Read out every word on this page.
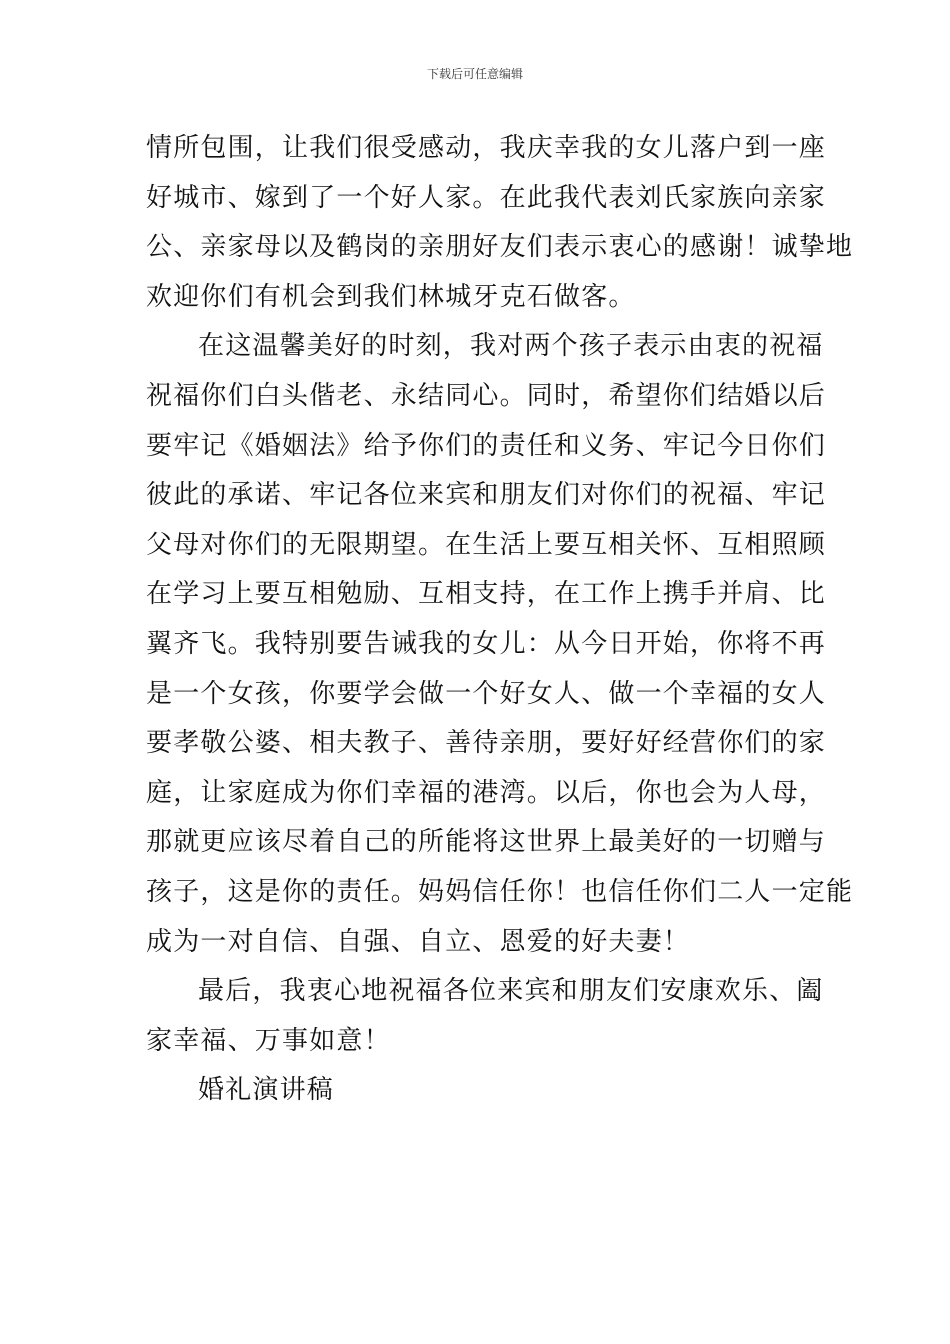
下载后可任意编辑
情所包围，让我们很受感动，我庆幸我的女儿落户到一座
好城市、嫁到了一个好人家。在此我代表刘氏家族向亲家
公、亲家母以及鹤岗的亲朋好友们表示衷心的感谢！诚挚地
欢迎你们有机会到我们林城牙克石做客。
在这温馨美好的时刻，我对两个孩子表示由衷的祝福
祝福你们白头偕老、永结同心。同时，希望你们结婚以后
要牢记《婚姻法》给予你们的责任和义务、牢记今日你们
彼此的承诺、牢记各位来宾和朋友们对你们的祝福、牢记
父母对你们的无限期望。在生活上要互相关怀、互相照顾
在学习上要互相勉励、互相支持，在工作上携手并肩、比
翼齐飞。我特别要告诫我的女儿：从今日开始，你将不再
是一个女孩，你要学会做一个好女人、做一个幸福的女人
要孝敬公婆、相夫教子、善待亲朋，要好好经营你们的家
庭，让家庭成为你们幸福的港湾。以后，你也会为人母，
那就更应该尽着自己的所能将这世界上最美好的一切赠与
孩子，这是你的责任。妈妈信任你！也信任你们二人一定能
成为一对自信、自强、自立、恩爱的好夫妻！
最后，我衷心地祝福各位来宾和朋友们安康欢乐、阖
家幸福、万事如意！
婚礼演讲稿
